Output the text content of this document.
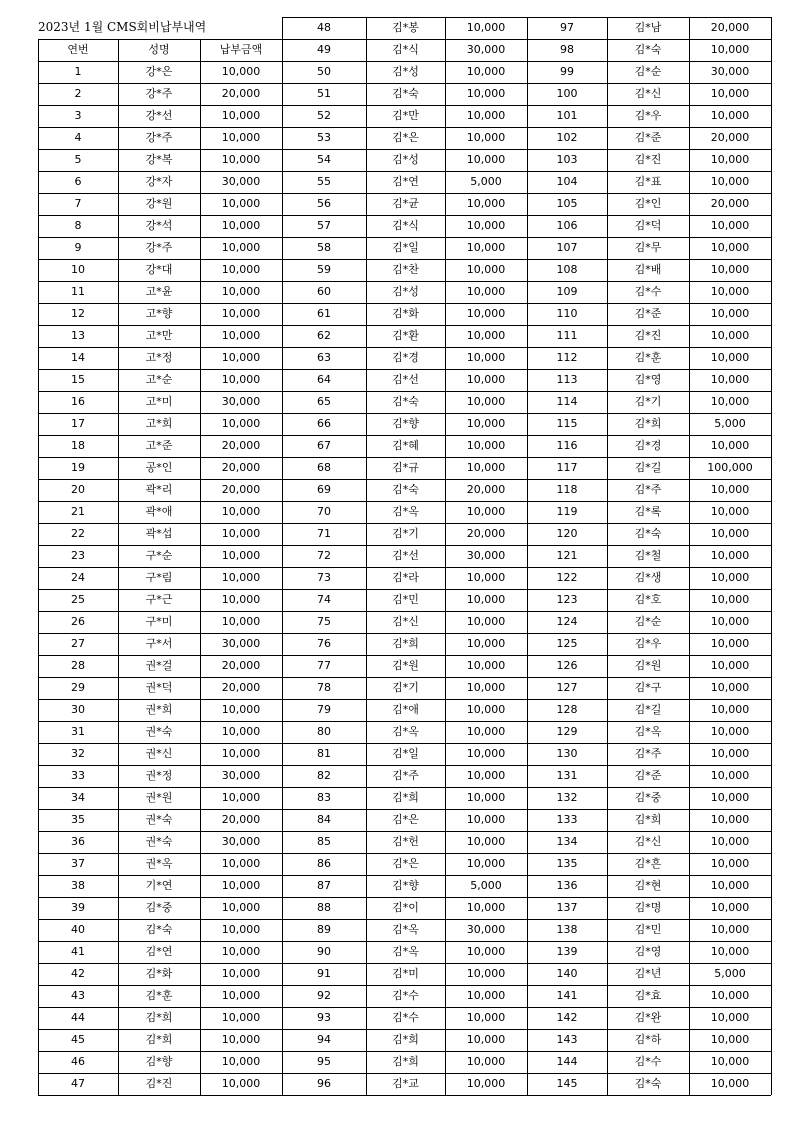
2023년 1월 CMS회비납부내역
연번	성명	납부금액
1	강*은	10,000
2	강*주	20,000
3	강*선	10,000
4	강*주	10,000
5	강*복	10,000
6	강*자	30,000
7	강*원	10,000
8	강*석	10,000
9	강*주	10,000
10	강*대	10,000
11	고*윤	10,000
12	고*향	10,000
13	고*만	10,000
14	고*정	10,000
15	고*순	10,000
16	고*미	30,000
17	고*희	10,000
18	고*준	20,000
19	공*인	20,000
20	곽*리	20,000
21	곽*애	10,000
22	곽*섭	10,000
23	구*순	10,000
24	구*림	10,000
25	구*근	10,000
26	구*미	10,000
27	구*서	30,000
28	권*걸	20,000
29	권*덕	20,000
30	권*희	10,000
31	권*숙	10,000
32	권*신	10,000
33	권*정	30,000
34	권*원	10,000
35	권*숙	20,000
36	권*숙	30,000
37	권*옥	10,000
38	기*연	10,000
39	김*중	10,000
40	김*숙	10,000
41	김*연	10,000
42	김*화	10,000
43	김*훈	10,000
44	김*희	10,000
45	김*희	10,000
46	김*향	10,000
47	김*진	10,000
48	김*봉	10,000
49	김*식	30,000
50	김*성	10,000
51	김*숙	10,000
52	김*만	10,000
53	김*은	10,000
54	김*성	10,000
55	김*연	5,000
56	김*균	10,000
57	김*식	10,000
58	김*일	10,000
59	김*찬	10,000
60	김*성	10,000
61	김*화	10,000
62	김*환	10,000
63	김*경	10,000
64	김*선	10,000
65	김*숙	10,000
66	김*향	10,000
67	김*혜	10,000
68	김*규	10,000
69	김*숙	20,000
70	김*옥	10,000
71	김*기	20,000
72	김*선	30,000
73	김*라	10,000
74	김*민	10,000
75	김*신	10,000
76	김*희	10,000
77	김*원	10,000
78	김*기	10,000
79	김*애	10,000
80	김*옥	10,000
81	김*일	10,000
82	김*주	10,000
83	김*희	10,000
84	김*은	10,000
85	김*헌	10,000
86	김*은	10,000
87	김*향	5,000
88	김*이	10,000
89	김*옥	30,000
90	김*옥	10,000
91	김*미	10,000
92	김*수	10,000
93	김*수	10,000
94	김*희	10,000
95	김*희	10,000
96	김*교	10,000
97	김*남	20,000
98	김*숙	10,000
99	김*순	30,000
100	김*신	10,000
101	김*우	10,000
102	김*준	20,000
103	김*진	10,000
104	김*표	10,000
105	김*인	20,000
106	김*덕	10,000
107	김*무	10,000
108	김*배	10,000
109	김*수	10,000
110	김*준	10,000
111	김*진	10,000
112	김*훈	10,000
113	김*영	10,000
114	김*기	10,000
115	김*희	5,000
116	김*경	10,000
117	김*길	100,000
118	김*주	10,000
119	김*록	10,000
120	김*숙	10,000
121	김*철	10,000
122	김*생	10,000
123	김*호	10,000
124	김*순	10,000
125	김*우	10,000
126	김*원	10,000
127	김*구	10,000
128	김*길	10,000
129	김*옥	10,000
130	김*주	10,000
131	김*준	10,000
132	김*중	10,000
133	김*희	10,000
134	김*신	10,000
135	김*흔	10,000
136	김*현	10,000
137	김*명	10,000
138	김*민	10,000
139	김*영	10,000
140	김*년	5,000
141	김*효	10,000
142	김*완	10,000
143	김*하	10,000
144	김*수	10,000
145	김*숙	10,000
